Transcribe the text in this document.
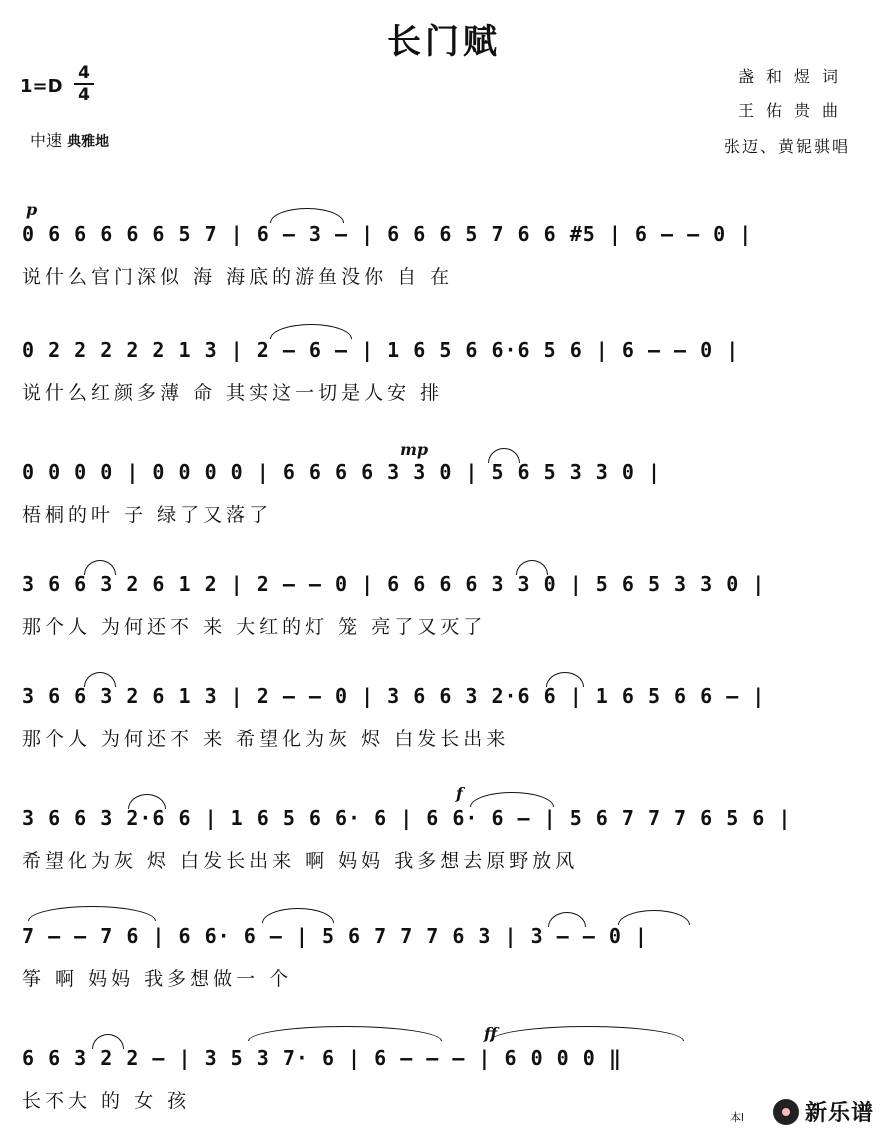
长门赋
1=D
4
4
中速 典雅地
盏和煜词
王佑贵曲
张迈、黄铌骐唱
p
0 6 6 6 6 6 5 7 | 6 – 3 – | 6 6 6 5 7 6 6 #5 | 6 – – 0 |
说什么官门深似 海 海底的游鱼没你 自 在
0 2 2 2 2 2 1 3 | 2 – 6 – | 1 6 5 6 6·6 5 6 | 6 – – 0 |
说什么红颜多薄 命 其实这一切是人安 排
mp
0 0 0 0 | 0 0 0 0 | 6 6 6 6 3 3 0 | 5 6 5 3 3 0 |
梧桐的叶 子 绿了又落了
3 6 6 3 2 6 1 2 | 2 – – 0 | 6 6 6 6 3 3 0 | 5 6 5 3 3 0 |
那个人 为何还不 来 大红的灯 笼 亮了又灭了
3 6 6 3 2 6 1 3 | 2 – – 0 | 3 6 6 3 2·6 6 | 1 6 5 6 6 – |
那个人 为何还不 来 希望化为灰 烬 白发长出来
f
3 6 6 3 2·6 6 | 1 6 5 6 6· 6 | 6 6· 6 – | 5 6 7 7 7 6 5 6 |
希望化为灰 烬 白发长出来 啊 妈妈 我多想去原野放风
7 – – 7 6 | 6 6· 6 – | 5 6 7 7 7 6 3 | 3 – – 0 |
筝 啊 妈妈 我多想做一 个
ff
6 6 3 2 2 – | 3 5 3 7· 6 | 6 – – – | 6 0 0 0 ‖
长不大 的 女 孩
本l	新乐谱
